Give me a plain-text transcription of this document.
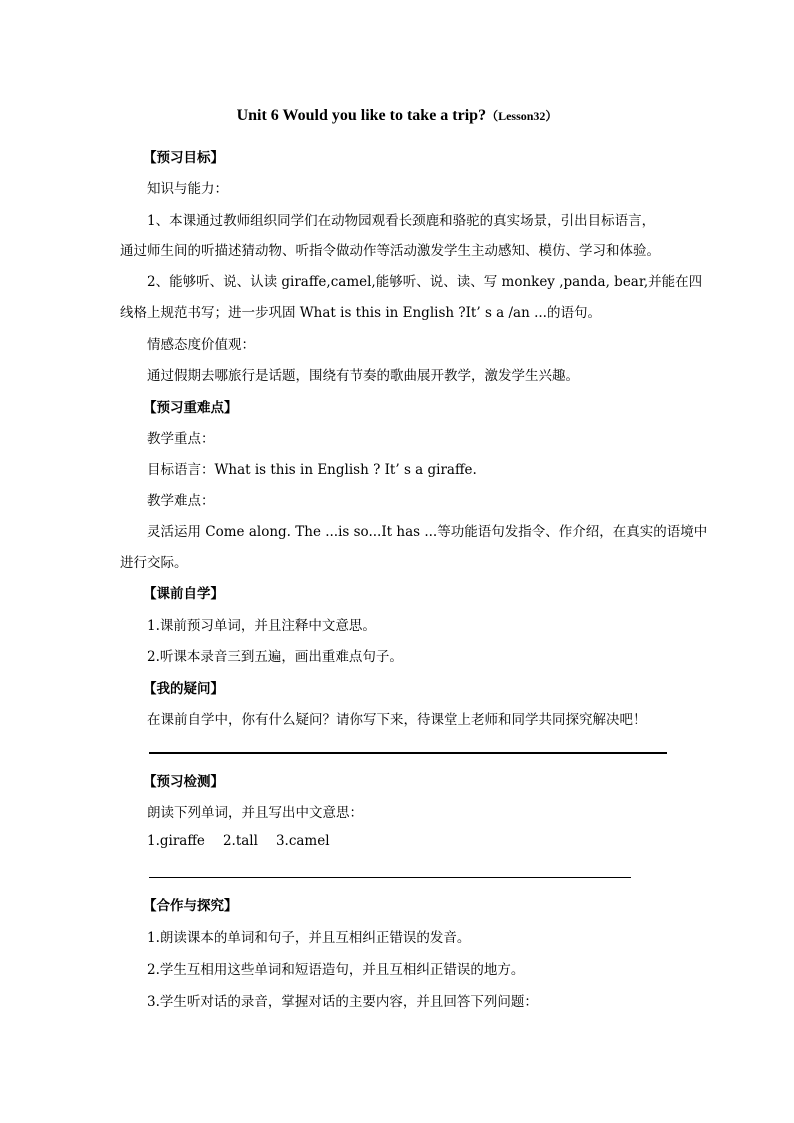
Unit 6 Would you like to take a trip?（Lesson32）
【预习目标】
知识与能力：
1、本课通过教师组织同学们在动物园观看长颈鹿和骆驼的真实场景，引出目标语言，
通过师生间的听描述猜动物、听指令做动作等活动激发学生主动感知、模仿、学习和体验。
2、能够听、说、认读 giraffe,camel,能够听、说、读、写 monkey ,panda, bear,并能在四
线格上规范书写；进一步巩固 What is this in English ?It’ s a /an ...的语句。
情感态度价值观：
通过假期去哪旅行是话题，围绕有节奏的歌曲展开教学，激发学生兴趣。
【预习重难点】
教学重点：
目标语言：What is this in English ? It’ s a giraffe.
教学难点：
灵活运用 Come along. The ...is so...It has ...等功能语句发指令、作介绍，在真实的语境中
进行交际。
【课前自学】
1.课前预习单词，并且注释中文意思。
2.听课本录音三到五遍，画出重难点句子。
【我的疑问】
在课前自学中，你有什么疑问？请你写下来，待课堂上老师和同学共同探究解决吧！
【预习检测】
朗读下列单词，并且写出中文意思：
1.giraffe 2.tall 3.camel
【合作与探究】
1.朗读课本的单词和句子，并且互相纠正错误的发音。
2.学生互相用这些单词和短语造句，并且互相纠正错误的地方。
3.学生听对话的录音，掌握对话的主要内容，并且回答下列问题：
